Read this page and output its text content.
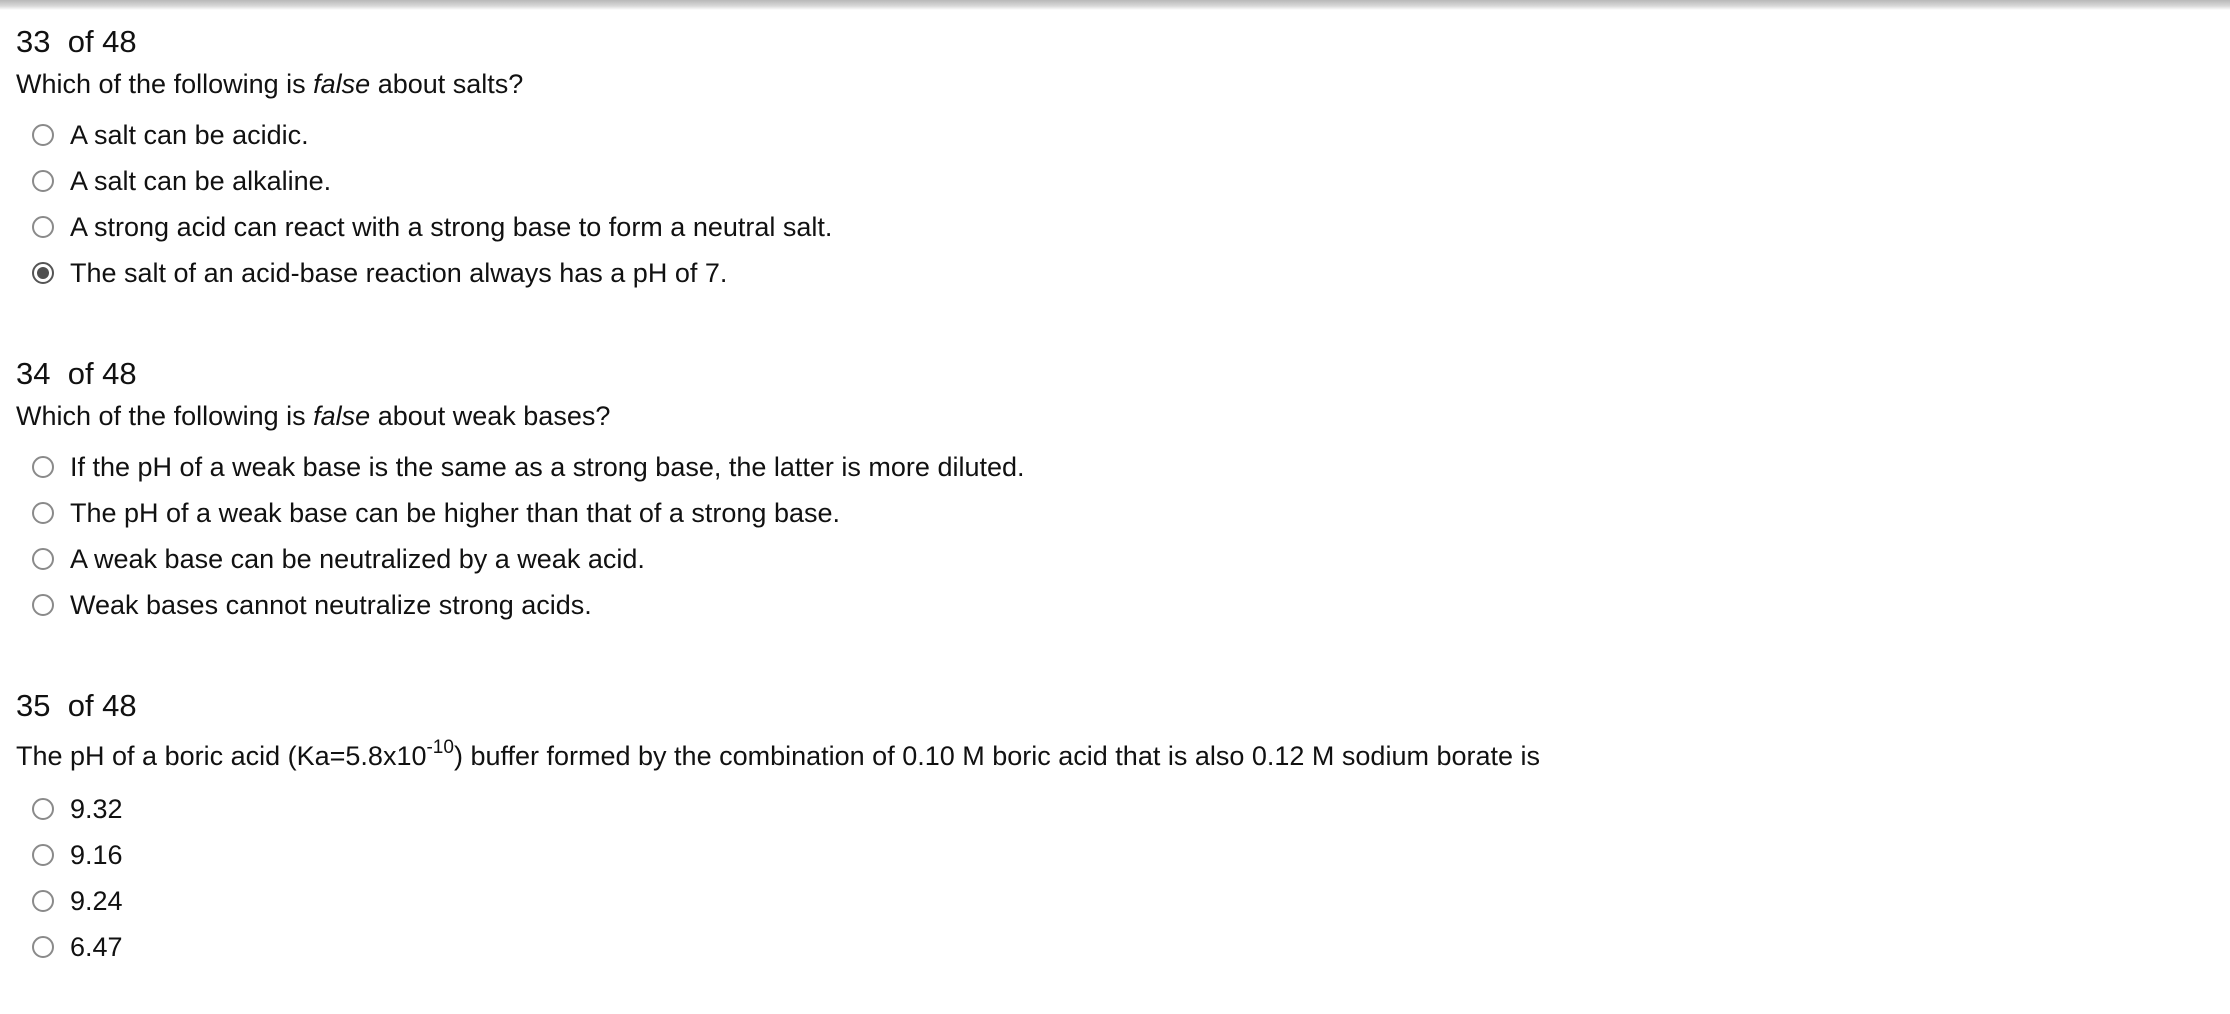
33 of 48
Which of the following is false about salts?
A salt can be acidic.
A salt can be alkaline.
A strong acid can react with a strong base to form a neutral salt.
The salt of an acid-base reaction always has a pH of 7.
34 of 48
Which of the following is false about weak bases?
If the pH of a weak base is the same as a strong base, the latter is more diluted.
The pH of a weak base can be higher than that of a strong base.
A weak base can be neutralized by a weak acid.
Weak bases cannot neutralize strong acids.
35 of 48
The pH of a boric acid $(Ka=5.8x10^{-10})$ buffer formed by the combination of 0.10 M boric acid that is also 0.12 M sodium borate is
9.32
9.16
9.24
6.47
